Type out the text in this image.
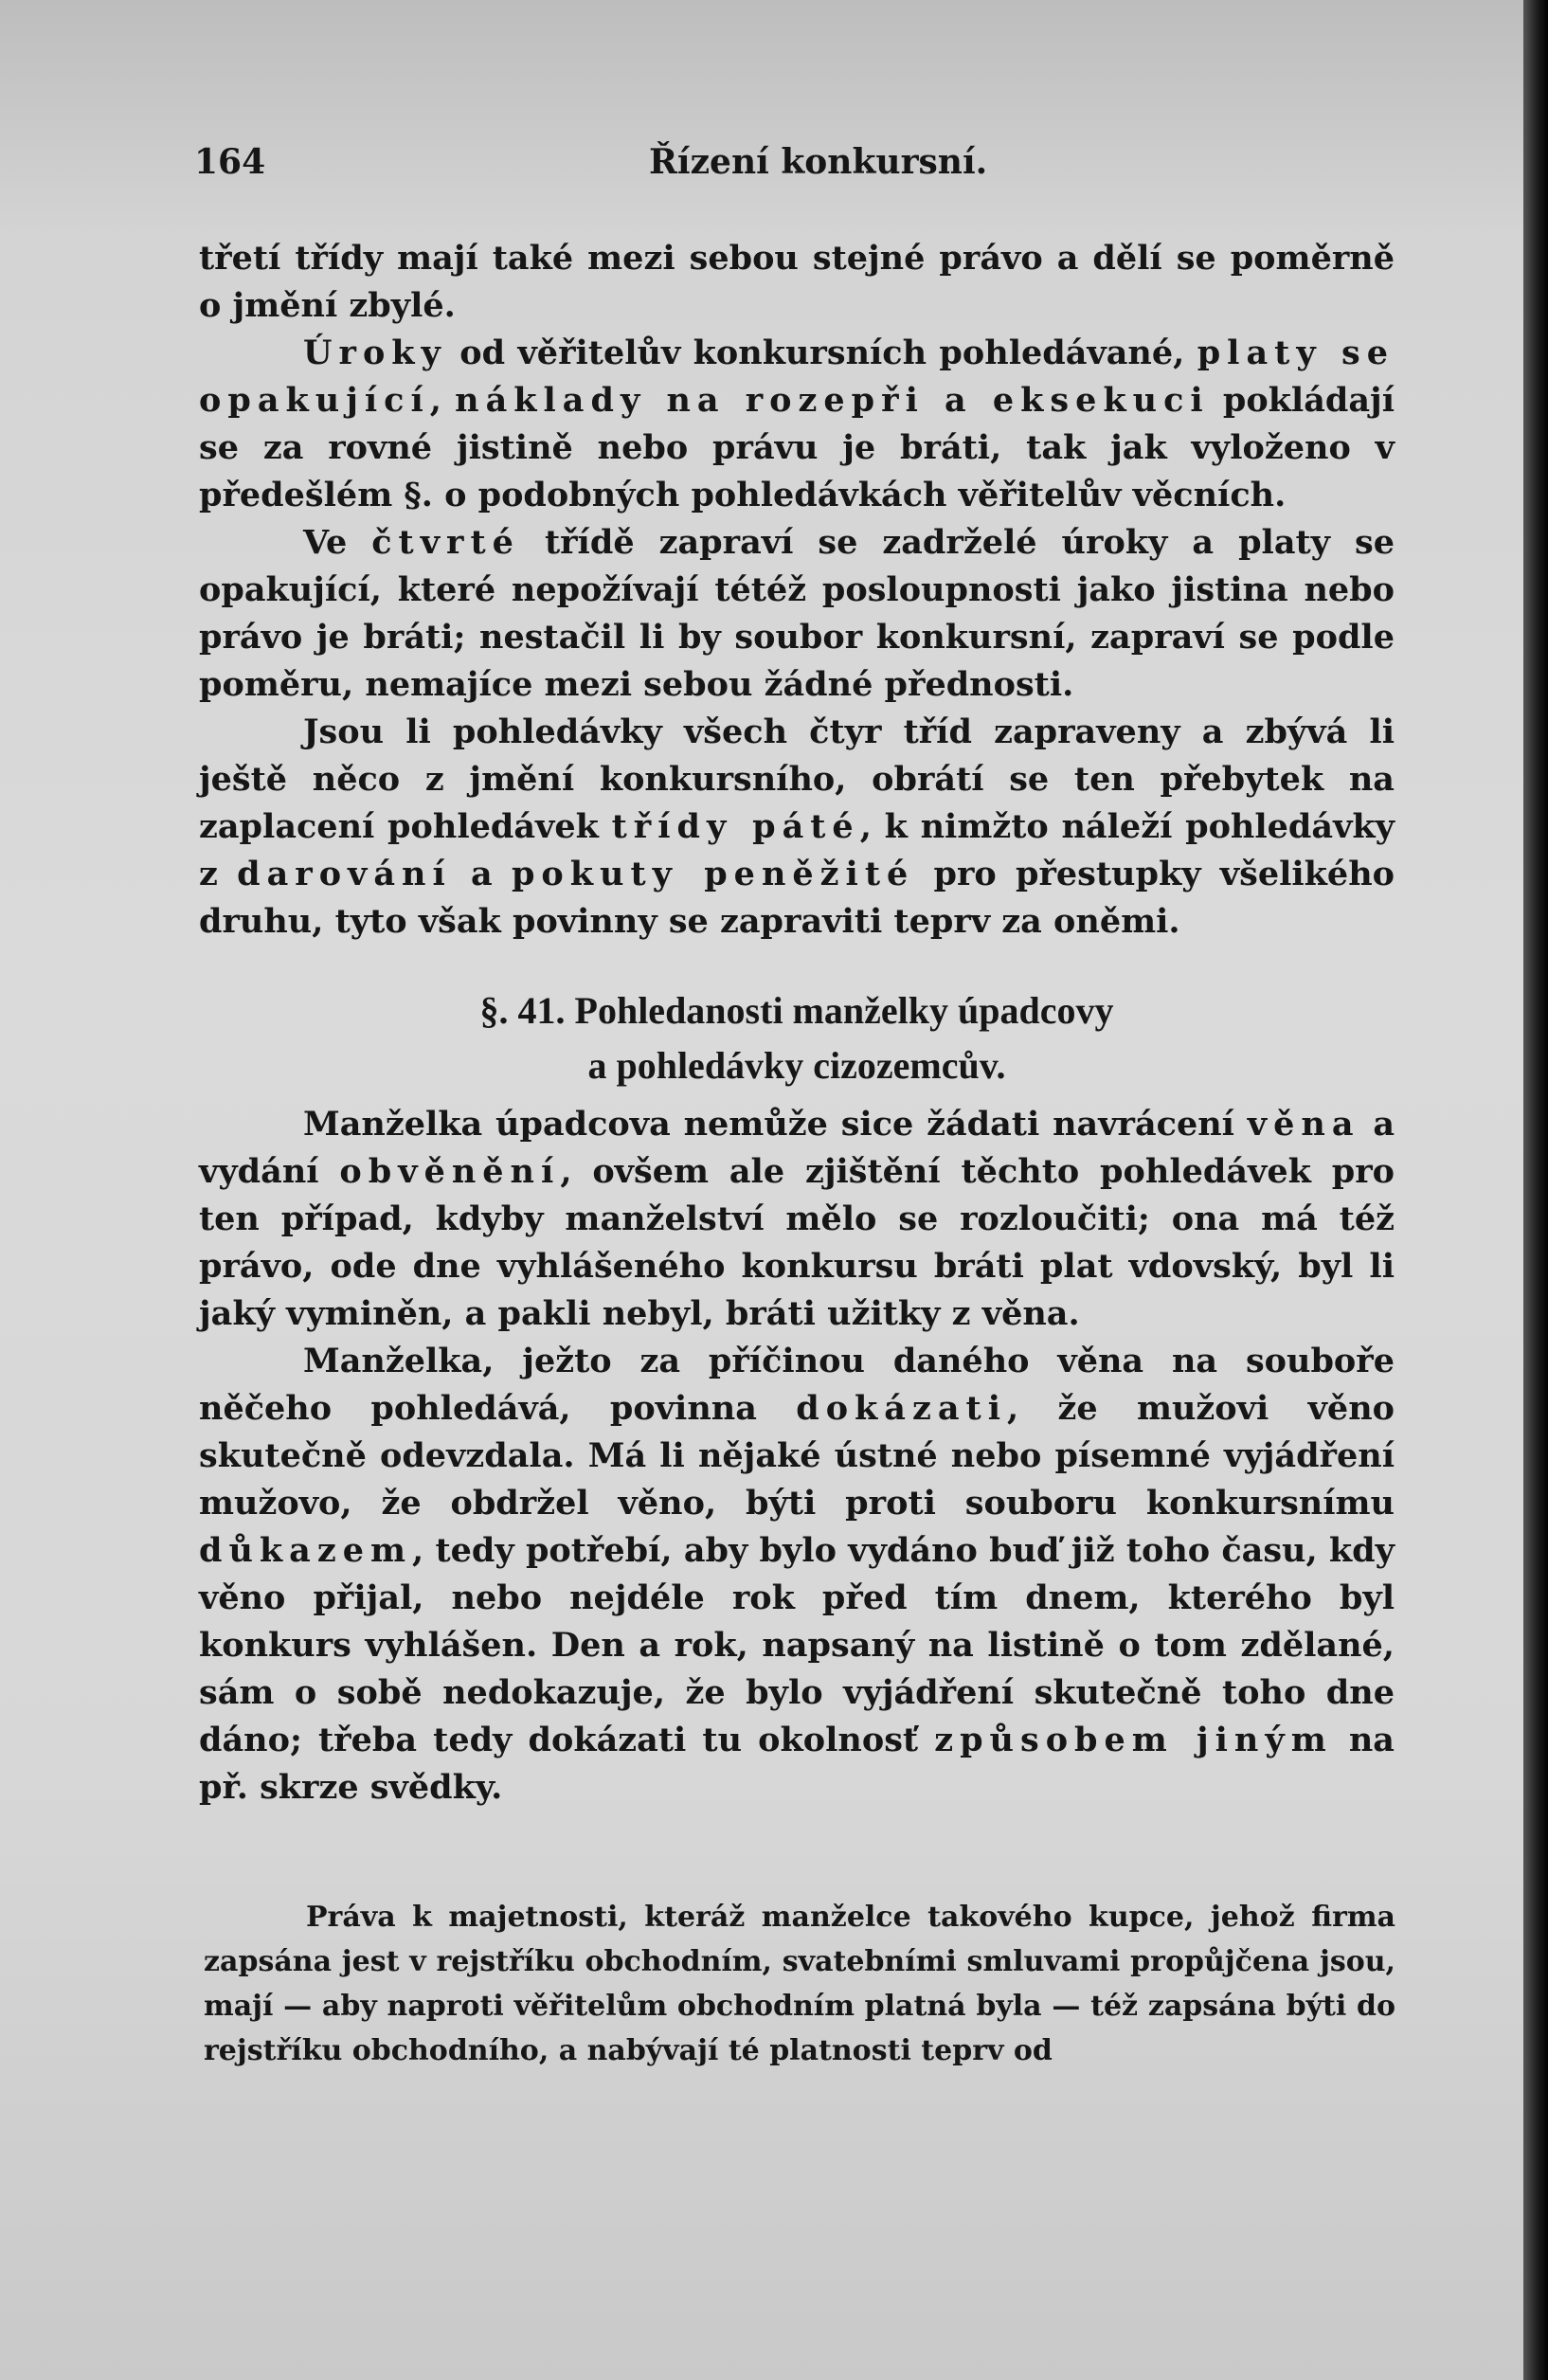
164	Řízení konkursní.

třetí třídy mají také mezi sebou stejné právo a dělí se poměrně o jmění zbylé.

Úroky od věřitelův konkursních pohledávané, platy se opakující, náklady na rozepři a eksekuci pokládají se za rovné jistině nebo právu je bráti, tak jak vyloženo v předešlém §. o podobných pohledávkách věřitelův věcních.

Ve čtvrté třídě zapraví se zadrželé úroky a platy se opakující, které nepožívají tétéž posloupnosti jako jistina nebo právo je bráti; nestačil li by soubor konkursní, zapraví se podle poměru, nemajíce mezi sebou žádné přednosti.

Jsou li pohledávky všech čtyr tříd zapraveny a zbývá li ještě něco z jmění konkursního, obrátí se ten přebytek na zaplacení pohledávek třídy páté, k nimžto náleží pohledávky z darování a pokuty peněžité pro přestupky všelikého druhu, tyto však povinny se zapraviti teprv za oněmi.

§. 41. Pohledanosti manželky úpadcovy
a pohledávky cizozemcův.

Manželka úpadcova nemůže sice žádati navrácení věna a vydání obvěnění, ovšem ale zjištění těchto pohledávek pro ten případ, kdyby manželství mělo se rozloučiti; ona má též právo, ode dne vyhlášeného konkursu bráti plat vdovský, byl li jaký vyminěn, a pakli nebyl, bráti užitky z věna.

Manželka, ježto za příčinou daného věna na souboře něčeho pohledává, povinna dokázati, že mužovi věno skutečně odevzdala. Má li nějaké ústné nebo písemné vyjádření mužovo, že obdržel věno, býti proti souboru konkursnímu důkazem, tedy potřebí, aby bylo vydáno buď již toho času, kdy věno přijal, nebo nejdéle rok před tím dnem, kterého byl konkurs vyhlášen. Den a rok, napsaný na listině o tom zdělané, sám o sobě nedokazuje, že bylo vyjádření skutečně toho dne dáno; třeba tedy dokázati tu okolnosť způsobem jiným na př. skrze svědky.

Práva k majetnosti, kteráž manželce takového kupce, jehož firma zapsána jest v rejstříku obchodním, svatebními smluvami propůjčena jsou, mají — aby naproti věřitelům obchodním platná byla — též zapsána býti do rejstříku obchodního, a nabývají té platnosti teprv od
